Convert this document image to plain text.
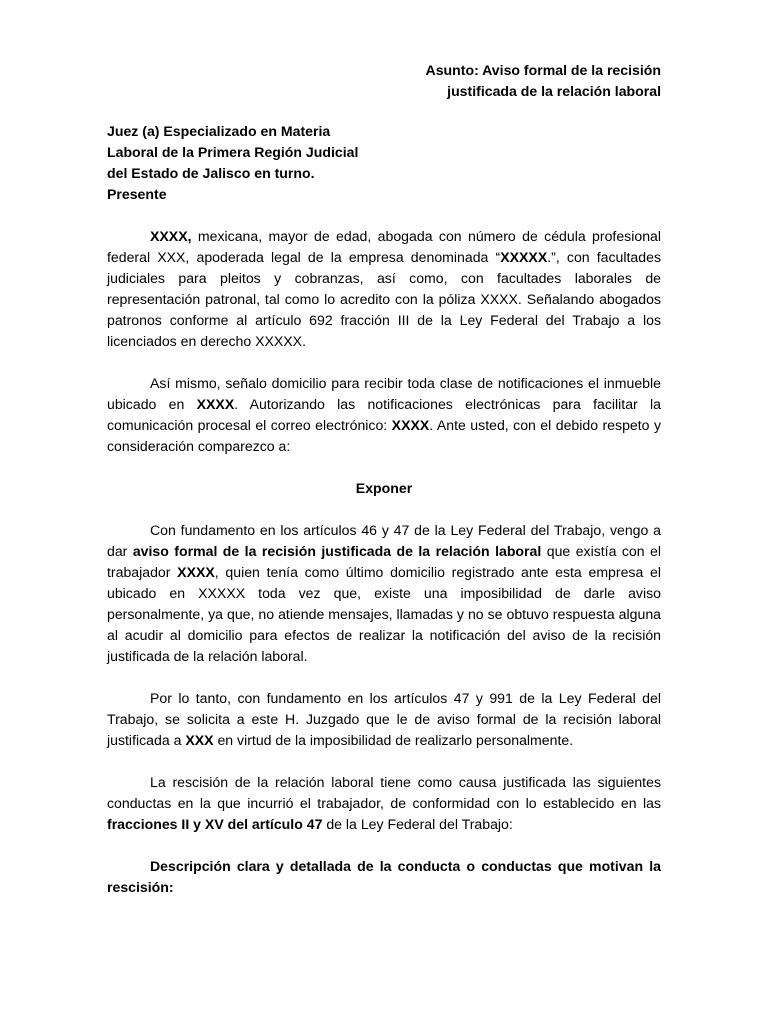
Asunto: Aviso formal de la recisión
justificada de la relación laboral
Juez (a) Especializado en Materia
Laboral de la Primera Región Judicial
del Estado de Jalisco en turno.
Presente

XXXX, mexicana, mayor de edad, abogada con número de cédula profesional federal XXX, apoderada legal de la empresa denominada “XXXXX.”, con facultades judiciales para pleitos y cobranzas, así como, con facultades laborales de representación patronal, tal como lo acredito con la póliza XXXX. Señalando abogados patronos conforme al artículo 692 fracción III de la Ley Federal del Trabajo a los licenciados en derecho XXXXX.

Así mismo, señalo domicilio para recibir toda clase de notificaciones el inmueble ubicado en XXXX. Autorizando las notificaciones electrónicas para facilitar la comunicación procesal el correo electrónico: XXXX. Ante usted, con el debido respeto y consideración comparezco a:

Exponer

Con fundamento en los artículos 46 y 47 de la Ley Federal del Trabajo, vengo a dar aviso formal de la recisión justificada de la relación laboral que existía con el trabajador XXXX, quien tenía como último domicilio registrado ante esta empresa el ubicado en XXXXX toda vez que, existe una imposibilidad de darle aviso personalmente, ya que, no atiende mensajes, llamadas y no se obtuvo respuesta alguna al acudir al domicilio para efectos de realizar la notificación del aviso de la recisión justificada de la relación laboral.

Por lo tanto, con fundamento en los artículos 47 y 991 de la Ley Federal del Trabajo, se solicita a este H. Juzgado que le de aviso formal de la recisión laboral justificada a XXX en virtud de la imposibilidad de realizarlo personalmente.

La rescisión de la relación laboral tiene como causa justificada las siguientes conductas en la que incurrió el trabajador, de conformidad con lo establecido en las fracciones II y XV del artículo 47 de la Ley Federal del Trabajo:

Descripción clara y detallada de la conducta o conductas que motivan la rescisión:
